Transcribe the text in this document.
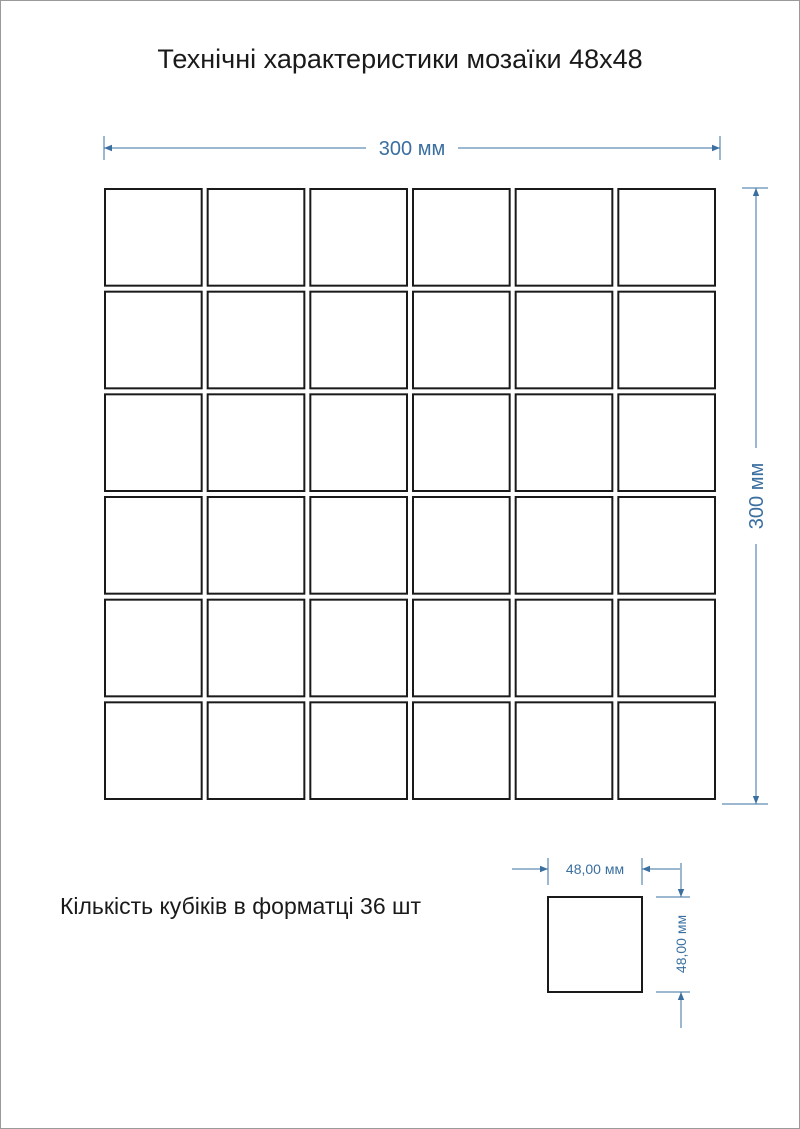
Технічні характеристики мозаїки 48х48
300 мм
300 мм
48,00 мм
48,00 мм
Кількість кубіків в форматці 36 шт
